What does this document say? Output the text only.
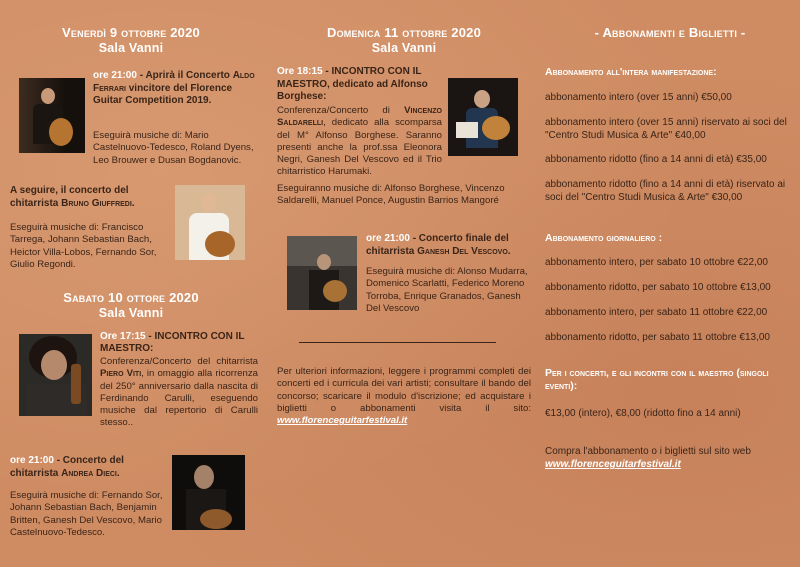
Venerdì 9 ottobre 2020
Sala Vanni
ore 21:00 - Aprirà il Concerto Aldo Ferrari vincitore del Florence Guitar Competition 2019.
Eseguirà musiche di: Mario Castelnuovo-Tedesco, Roland Dyens, Leo Brouwer e Dusan Bogdanovic.
A seguire, il concerto del chitarrista Bruno Giuffredi.
Eseguirà musiche di: Francisco Tarrega, Johann Sebastian Bach, Heictor Villa-Lobos, Fernando Sor, Giulio Regondi.
Sabato 10 ottore 2020
Sala Vanni
Ore 17:15 - INCONTRO CON IL MAESTRO:
Conferenza/Concerto del chitarrista Piero Viti, in omaggio alla ricorrenza del 250° anniversario dalla nascita di Ferdinando Carulli, eseguendo musiche dal repertorio di Carulli stesso..
ore 21:00 - Concerto del chitarrista Andrea Dieci.
Eseguirà musiche di: Fernando Sor, Johann Sebastian Bach, Benjamin Britten, Ganesh Del Vescovo, Mario Castelnuovo-Tedesco.
Domenica 11 ottobre 2020
Sala Vanni
Ore 18:15 - INCONTRO CON IL MAESTRO, dedicato ad Alfonso Borghese:
Conferenza/Concerto di Vincenzo Saldarelli, dedicato alla scomparsa del M° Alfonso Borghese. Saranno presenti anche la prof.ssa Eleonora Negri, Ganesh Del Vescovo ed il Trio chitarristico Harumaki.
Eseguiranno musiche di: Alfonso Borghese, Vincenzo Saldarelli, Manuel Ponce, Augustin Barrios Mangoré
ore 21:00 - Concerto finale del chitarrista Ganesh Del Vescovo.
Eseguirà musiche di: Alonso Mudarra, Domenico Scarlatti, Federico Moreno Torroba, Enrique Granados, Ganesh Del Vescovo
Per ulteriori informazioni, leggere i programmi completi dei concerti ed i curricula dei vari artisti; consultare il bando del concorso; scaricare il modulo d'iscrizione; ed acquistare i biglietti o abbonamenti visita il sito: www.florenceguitarfestival.it
- Abbonamenti e Biglietti -
Abbonamento all'intera manifestazione:
abbonamento intero (over 15 anni) €50,00
abbonamento intero (over 15 anni) riservato ai soci del "Centro Studi Musica & Arte" €40,00
abbonamento ridotto (fino a 14 anni di età) €35,00
abbonamento ridotto (fino a 14 anni di età) riservato ai soci del "Centro Studi Musica & Arte" €30,00
Abbonamento giornaliero :
abbonamento intero, per sabato 10 ottobre €22,00
abbonamento ridotto, per sabato 10 ottobre €13,00
abbonamento intero, per sabato 11 ottobre €22,00
abbonamento ridotto, per sabato 11 ottobre €13,00
Per i concerti, e gli incontri con il maestro (singoli eventi):
€13,00 (intero), €8,00 (ridotto fino a 14 anni)
Compra l'abbonamento o i biglietti sul sito web www.florenceguitarfestival.it
